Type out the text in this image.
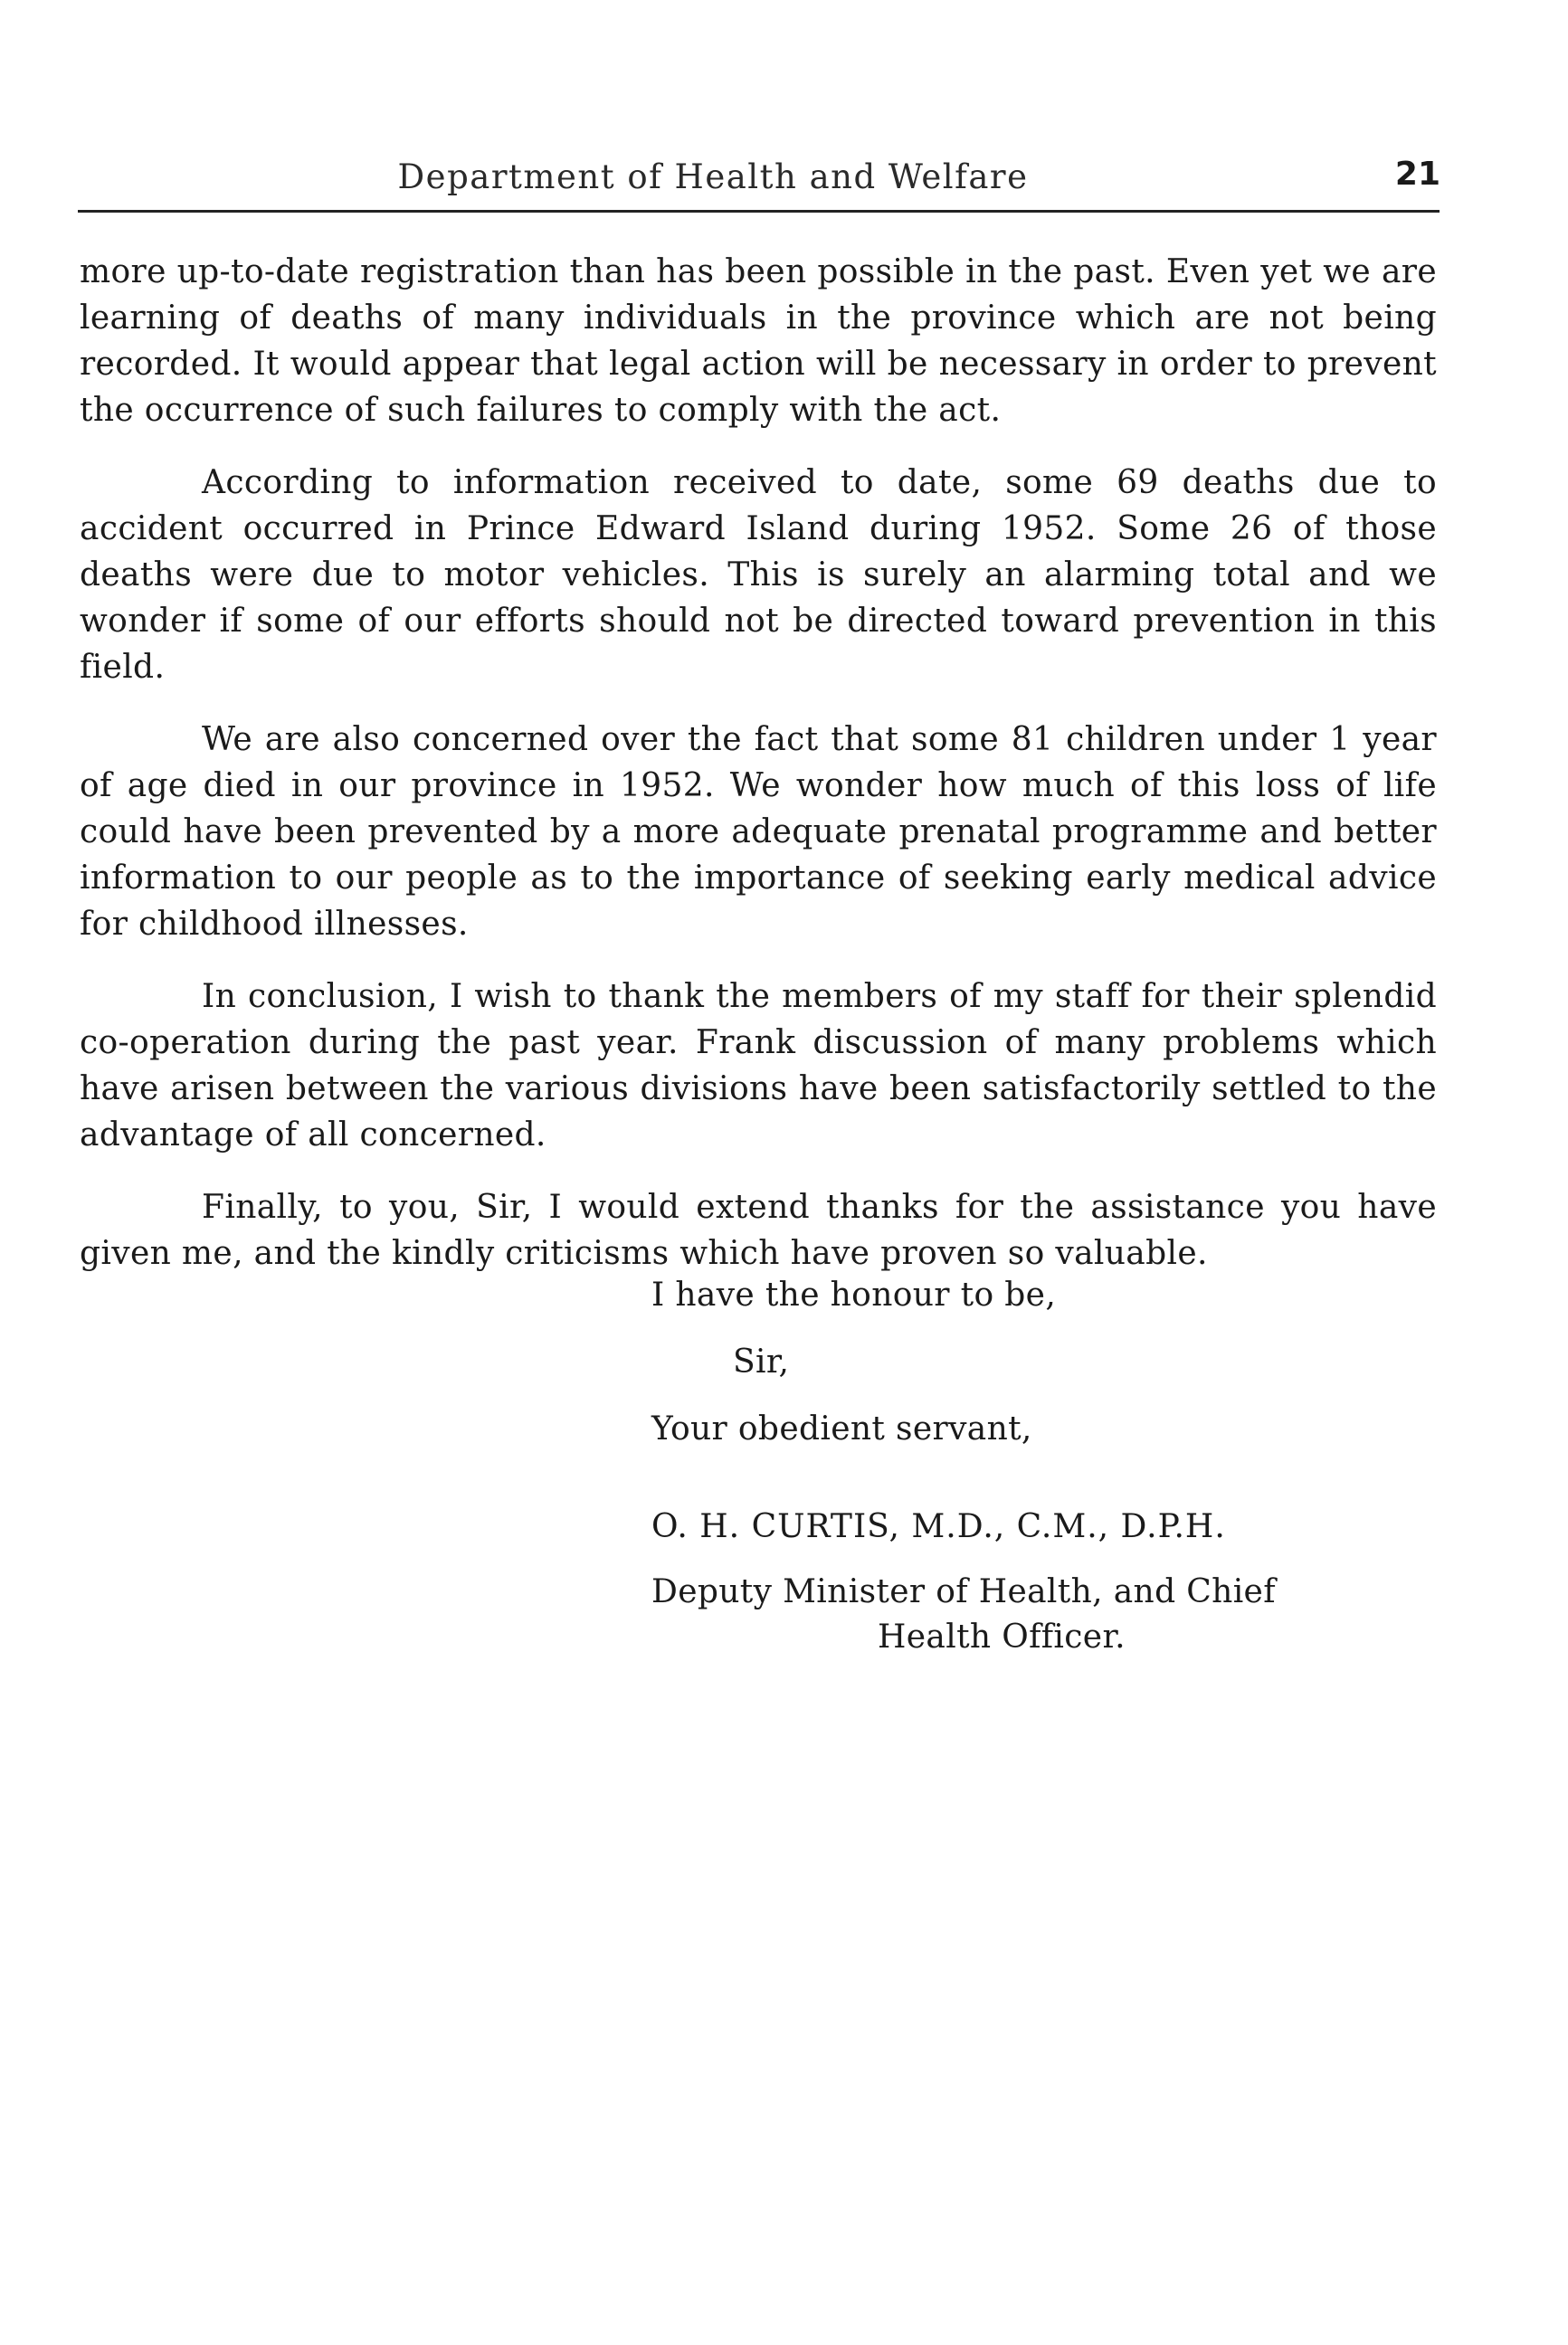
Department of Health and Welfare	21

more up-to-date registration than has been possible in the past. Even yet we are learning of deaths of many individuals in the province which are not being recorded. It would appear that legal action will be necessary in order to prevent the occurrence of such failures to comply with the act.

According to information received to date, some 69 deaths due to accident occurred in Prince Edward Island during 1952. Some 26 of those deaths were due to motor vehicles. This is surely an alarming total and we wonder if some of our efforts should not be directed toward prevention in this field.

We are also concerned over the fact that some 81 children under 1 year of age died in our province in 1952. We wonder how much of this loss of life could have been prevented by a more adequate prenatal programme and better information to our people as to the importance of seeking early medical advice for childhood illnesses.

In conclusion, I wish to thank the members of my staff for their splendid co-operation during the past year. Frank discussion of many problems which have arisen between the various divisions have been satisfactorily settled to the advantage of all concerned.

Finally, to you, Sir, I would extend thanks for the assistance you have given me, and the kindly criticisms which have proven so valuable.

I have the honour to be,
Sir,
Your obedient servant,
O. H. CURTIS, M.D., C.M., D.P.H.
Deputy Minister of Health, and Chief
Health Officer.
